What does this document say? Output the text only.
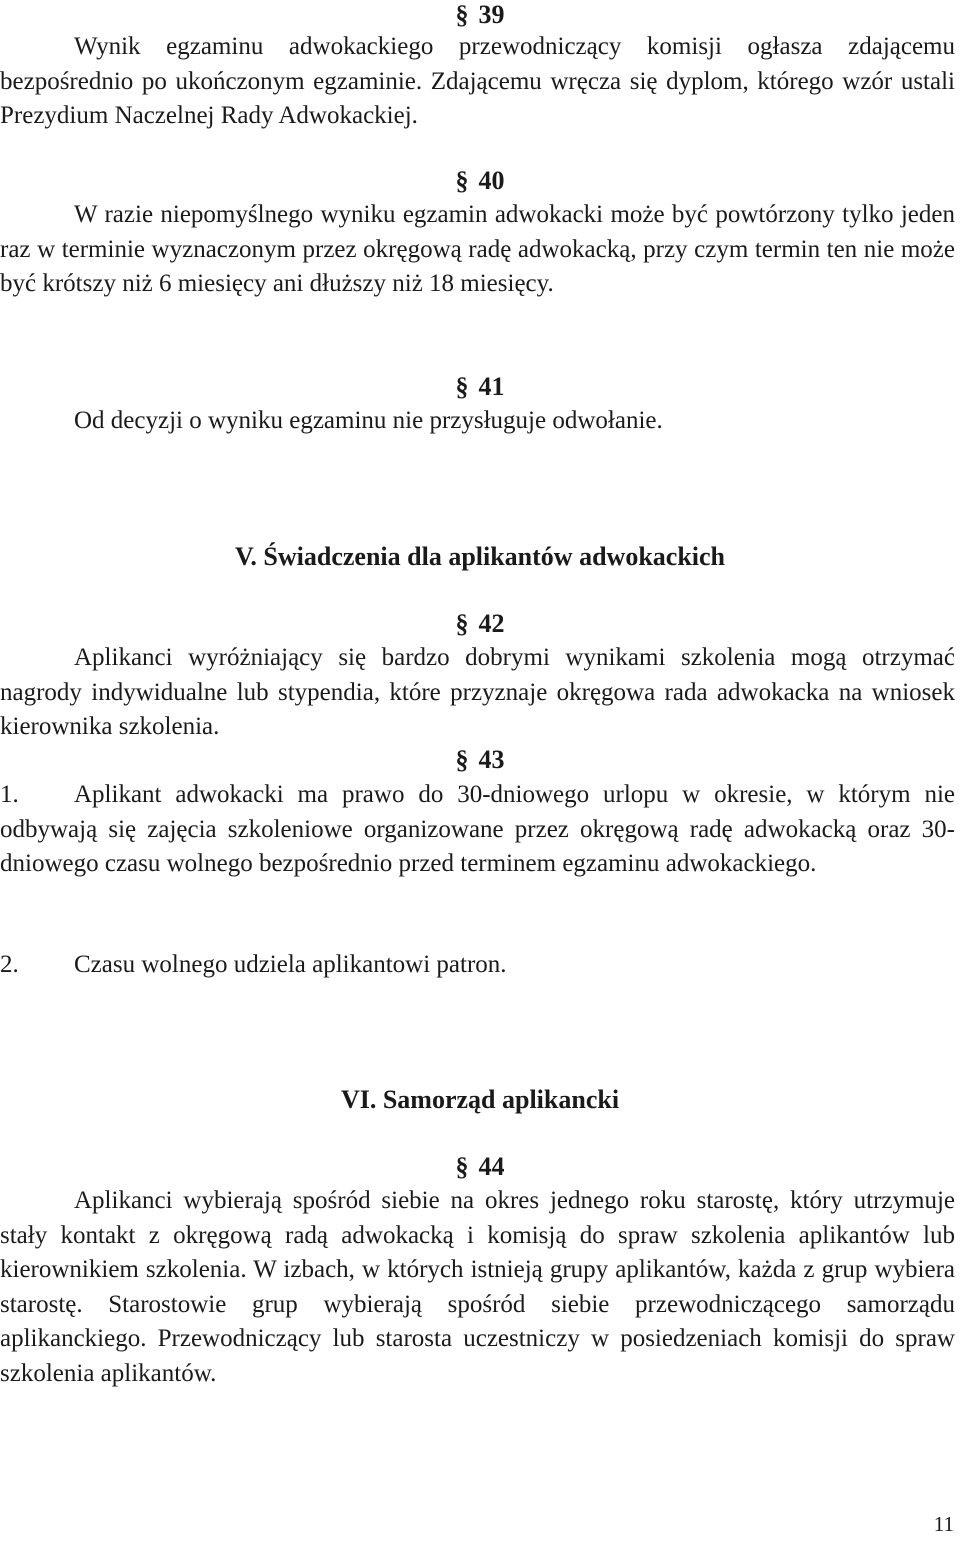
§ 39

Wynik egzaminu adwokackiego przewodniczący komisji ogłasza zdającemu bezpośrednio po ukończonym egzaminie. Zdającemu wręcza się dyplom, którego wzór ustali Prezydium Naczelnej Rady Adwokackiej.

§ 40

W razie niepomyślnego wyniku egzamin adwokacki może być powtórzony tylko jeden raz w terminie wyznaczonym przez okręgową radę adwokacką, przy czym termin ten nie może być krótszy niż 6 miesięcy ani dłuższy niż 18 miesięcy.

§ 41

Od decyzji o wyniku egzaminu nie przysługuje odwołanie.

V. Świadczenia dla aplikantów adwokackich
§ 42

Aplikanci wyróżniający się bardzo dobrymi wynikami szkolenia mogą otrzymać nagrody indywidualne lub stypendia, które przyznaje okręgowa rada adwokacka na wniosek kierownika szkolenia.

§ 43

1. Aplikant adwokacki ma prawo do 30-dniowego urlopu w okresie, w którym nie odbywają się zajęcia szkoleniowe organizowane przez okręgową radę adwokacką oraz 30-dniowego czasu wolnego bezpośrednio przed terminem egzaminu adwokackiego.

2. Czasu wolnego udziela aplikantowi patron.

VI. Samorząd aplikancki
§ 44

Aplikanci wybierają spośród siebie na okres jednego roku starostę, który utrzymuje stały kontakt z okręgową radą adwokacką i komisją do spraw szkolenia aplikantów lub kierownikiem szkolenia. W izbach, w których istnieją grupy aplikantów, każda z grup wybiera starostę. Starostowie grup wybierają spośród siebie przewodniczącego samorządu aplikanckiego. Przewodniczący lub starosta uczestniczy w posiedzeniach komisji do spraw szkolenia aplikantów.

11
